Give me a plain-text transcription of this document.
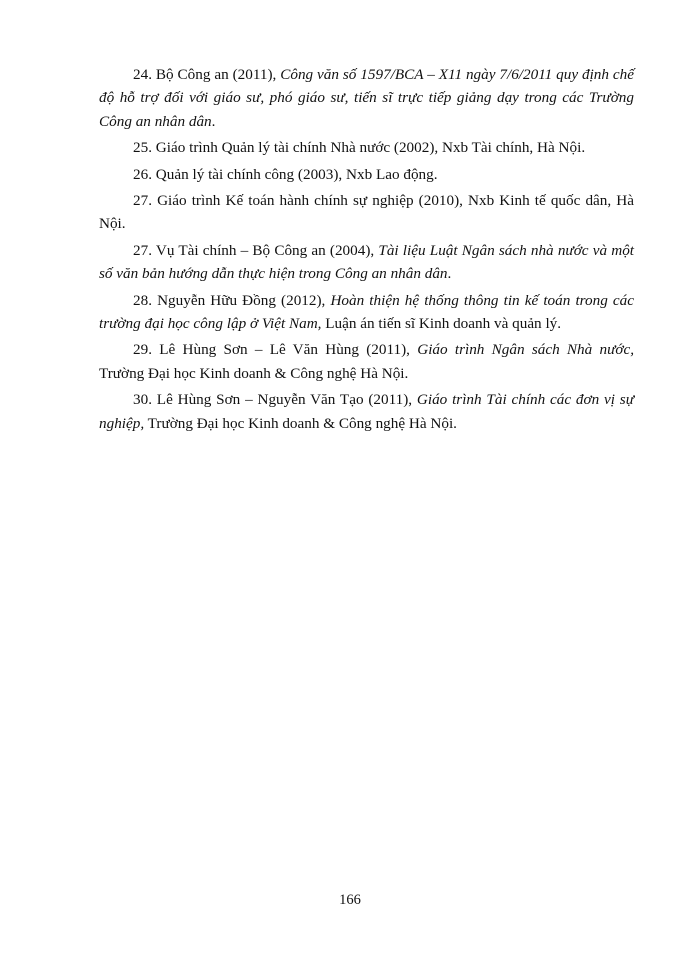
24. Bộ Công an (2011), Công văn số 1597/BCA – X11 ngày 7/6/2011 quy định chế độ hỗ trợ đối với giáo sư, phó giáo sư, tiến sĩ trực tiếp giảng dạy trong các Trường Công an nhân dân.

25. Giáo trình Quản lý tài chính Nhà nước (2002), Nxb Tài chính, Hà Nội.

26. Quản lý tài chính công (2003), Nxb Lao động.

27. Giáo trình Kế toán hành chính sự nghiệp (2010), Nxb Kinh tế quốc dân, Hà Nội.

27. Vụ Tài chính – Bộ Công an (2004), Tài liệu Luật Ngân sách nhà nước và một số văn bản hướng dẫn thực hiện trong Công an nhân dân.

28. Nguyễn Hữu Đồng (2012), Hoàn thiện hệ thống thông tin kế toán trong các trường đại học công lập ở Việt Nam, Luận án tiến sĩ Kinh doanh và quản lý.

29. Lê Hùng Sơn – Lê Văn Hùng (2011), Giáo trình Ngân sách Nhà nước, Trường Đại học Kinh doanh & Công nghệ Hà Nội.

30. Lê Hùng Sơn – Nguyễn Văn Tạo (2011), Giáo trình Tài chính các đơn vị sự nghiệp, Trường Đại học Kinh doanh & Công nghệ Hà Nội.

166
